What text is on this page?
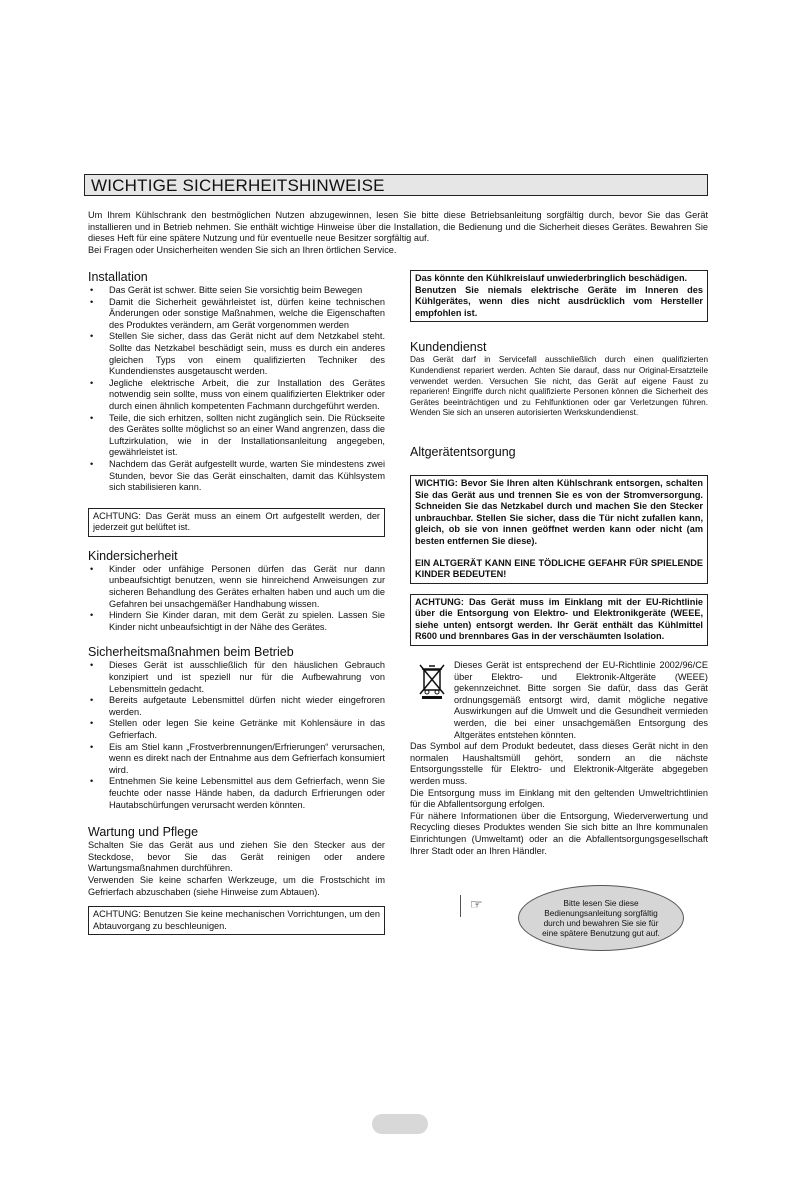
WICHTIGE SICHERHEITSHINWEISE

Um Ihrem Kühlschrank den bestmöglichen Nutzen abzugewinnen, lesen Sie bitte diese Betriebsanleitung sorgfältig durch, bevor Sie das Gerät installieren und in Betrieb nehmen. Sie enthält wichtige Hinweise über die Installation, die Bedienung und die Sicherheit dieses Gerätes. Bewahren Sie dieses Heft für eine spätere Nutzung und für eventuelle neue Besitzer sorgfältig auf.

Bei Fragen oder Unsicherheiten wenden Sie sich an Ihren örtlichen Service.

Installation
• Das Gerät ist schwer. Bitte seien Sie vorsichtig beim Bewegen
• Damit die Sicherheit gewährleistet ist, dürfen keine technischen Änderungen oder sonstige Maßnahmen, welche die Eigenschaften des Produktes verändern, am Gerät vorgenommen werden
• Stellen Sie sicher, dass das Gerät nicht auf dem Netzkabel steht. Sollte das Netzkabel beschädigt sein, muss es durch ein anderes gleichen Typs von einem qualifizierten Techniker des Kundendienstes ausgetauscht werden.
• Jegliche elektrische Arbeit, die zur Installation des Gerätes notwendig sein sollte, muss von einem qualifizierten Elektriker oder durch einen ähnlich kompetenten Fachmann durchgeführt werden.
• Teile, die sich erhitzen, sollten nicht zugänglich sein. Die Rückseite des Gerätes sollte möglichst so an einer Wand angrenzen, dass die Luftzirkulation, wie in der Installationsanleitung angegeben, gewährleistet ist.
• Nachdem das Gerät aufgestellt wurde, warten Sie mindestens zwei Stunden, bevor Sie das Gerät einschalten, damit das Kühlsystem sich stabilisieren kann.
ACHTUNG: Das Gerät muss an einem Ort aufgestellt werden, der jederzeit gut belüftet ist.
Kindersicherheit
• Kinder oder unfähige Personen dürfen das Gerät nur dann unbeaufsichtigt benutzen, wenn sie hinreichend Anweisungen zur sicheren Behandlung des Gerätes erhalten haben und auch um die Gefahren bei unsachgemäßer Handhabung wissen.
• Hindern Sie Kinder daran, mit dem Gerät zu spielen. Lassen Sie Kinder nicht unbeaufsichtigt in der Nähe des Gerätes.
Sicherheitsmaßnahmen beim Betrieb
• Dieses Gerät ist ausschließlich für den häuslichen Gebrauch konzipiert und ist speziell nur für die Aufbewahrung von Lebensmitteln gedacht.
• Bereits aufgetaute Lebensmittel dürfen nicht wieder eingefroren werden.
• Stellen oder legen Sie keine Getränke mit Kohlensäure in das Gefrierfach.
• Eis am Stiel kann „Frostverbrennungen/Erfrierungen“ verursachen, wenn es direkt nach der Entnahme aus dem Gefrierfach konsumiert wird.
• Entnehmen Sie keine Lebensmittel aus dem Gefrierfach, wenn Sie feuchte oder nasse Hände haben, da dadurch Erfrierungen oder Hautabschürfungen verursacht werden könnten.
Wartung und Pflege

Schalten Sie das Gerät aus und ziehen Sie den Stecker aus der Steckdose, bevor Sie das Gerät reinigen oder andere Wartungsmaßnahmen durchführen.

Verwenden Sie keine scharfen Werkzeuge, um die Frostschicht im Gefrierfach abzuschaben (siehe Hinweise zum Abtauen).

ACHTUNG: Benutzen Sie keine mechanischen Vorrichtungen, um den Abtauvorgang zu beschleunigen.

Das könnte den Kühlkreislauf unwiederbringlich beschädigen.

Benutzen Sie niemals elektrische Geräte im Inneren des Kühlgerätes, wenn dies nicht ausdrücklich vom Hersteller empfohlen ist.

Kundendienst

Das Gerät darf in Servicefall ausschließlich durch einen qualifizierten Kundendienst repariert werden. Achten Sie darauf, dass nur Original-Ersatzteile verwendet werden. Versuchen Sie nicht, das Gerät auf eigene Faust zu reparieren! Eingriffe durch nicht qualifizierte Personen können die Sicherheit des Gerätes beeinträchtigen und zu Fehlfunktionen oder gar Verletzungen führen. Wenden Sie sich an unseren autorisierten Werkskundendienst.

Altgerätentsorgung

WICHTIG: Bevor Sie Ihren alten Kühlschrank entsorgen, schalten Sie das Gerät aus und trennen Sie es von der Stromversorgung. Schneiden Sie das Netzkabel durch und machen Sie den Stecker unbrauchbar. Stellen Sie sicher, dass die Tür nicht zufallen kann, gleich, ob sie von innen geöffnet werden kann oder nicht (am besten entfernen Sie diese).

EIN ALTGERÄT KANN EINE TÖDLICHE GEFAHR FÜR SPIELENDE KINDER BEDEUTEN!

ACHTUNG: Das Gerät muss im Einklang mit der EU-Richtlinie über die Entsorgung von Elektro- und Elektronikgeräte (WEEE, siehe unten) entsorgt werden. Ihr Gerät enthält das Kühlmittel R600 und brennbares Gas in der verschäumten Isolation.

Dieses Gerät ist entsprechend der EU-Richtlinie 2002/96/CE über Elektro- und Elektronik-Altgeräte (WEEE) gekennzeichnet. Bitte sorgen Sie dafür, dass das Gerät ordnungsgemäß entsorgt wird, damit mögliche negative Auswirkungen auf die Umwelt und die Gesundheit vermieden werden, die bei einer unsachgemäßen Entsorgung des Altgerätes entstehen könnten.

Das Symbol auf dem Produkt bedeutet, dass dieses Gerät nicht in den normalen Haushaltsmüll gehört, sondern an die nächste Entsorgungsstelle für Elektro- und Elektronik-Altgeräte abgegeben werden muss.

Die Entsorgung muss im Einklang mit den geltenden Umweltrichtlinien für die Abfallentsorgung erfolgen.

Für nähere Informationen über die Entsorgung, Wiederverwertung und Recycling dieses Produktes wenden Sie sich bitte an Ihre kommunalen Einrichtungen (Umweltamt) oder an die Abfallentsorgungsgesellschaft Ihrer Stadt oder an Ihren Händler.

☞	Bitte lesen Sie diese Bedienungsanleitung sorgfältig durch und bewahren Sie sie für eine spätere Benutzung gut auf.
